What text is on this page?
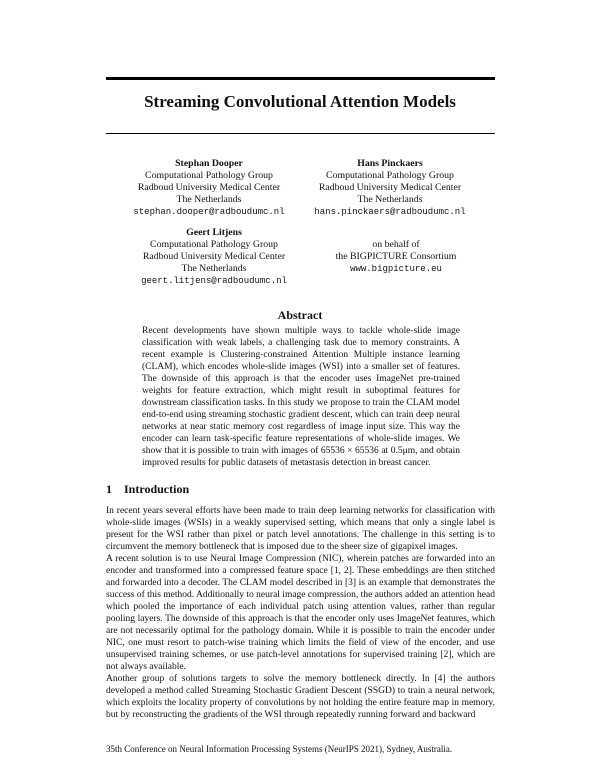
Streaming Convolutional Attention Models
Stephan Dooper
Computational Pathology Group
Radboud University Medical Center
The Netherlands
stephan.dooper@radboudumc.nl
Hans Pinckaers
Computational Pathology Group
Radboud University Medical Center
The Netherlands
hans.pinckaers@radboudumc.nl
Geert Litjens
Computational Pathology Group
Radboud University Medical Center
The Netherlands
geert.litjens@radboudumc.nl
on behalf of
the BIGPICTURE Consortium
www.bigpicture.eu
Abstract
Recent developments have shown multiple ways to tackle whole-slide image classification with weak labels, a challenging task due to memory constraints. A recent example is Clustering-constrained Attention Multiple instance learning (CLAM), which encodes whole-slide images (WSI) into a smaller set of features. The downside of this approach is that the encoder uses ImageNet pre-trained weights for feature extraction, which might result in suboptimal features for downstream classification tasks. In this study we propose to train the CLAM model end-to-end using streaming stochastic gradient descent, which can train deep neural networks at near static memory cost regardless of image input size. This way the encoder can learn task-specific feature representations of whole-slide images. We show that it is possible to train with images of 65536 × 65536 at 0.5μm, and obtain improved results for public datasets of metastasis detection in breast cancer.
1 Introduction

In recent years several efforts have been made to train deep learning networks for classification with whole-slide images (WSIs) in a weakly supervised setting, which means that only a single label is present for the WSI rather than pixel or patch level annotations. The challenge in this setting is to circumvent the memory bottleneck that is imposed due to the sheer size of gigapixel images.

A recent solution is to use Neural Image Compression (NIC), wherein patches are forwarded into an encoder and transformed into a compressed feature space [1, 2]. These embeddings are then stitched and forwarded into a decoder. The CLAM model described in [3] is an example that demonstrates the success of this method. Additionally to neural image compression, the authors added an attention head which pooled the importance of each individual patch using attention values, rather than regular pooling layers. The downside of this approach is that the encoder only uses ImageNet features, which are not necessarily optimal for the pathology domain. While it is possible to train the encoder under NIC, one must resort to patch-wise training which limits the field of view of the encoder, and use unsupervised training schemes, or use patch-level annotations for supervised training [2], which are not always available.

Another group of solutions targets to solve the memory bottleneck directly. In [4] the authors developed a method called Streaming Stochastic Gradient Descent (SSGD) to train a neural network, which exploits the locality property of convolutions by not holding the entire feature map in memory, but by reconstructing the gradients of the WSI through repeatedly running forward and backward

35th Conference on Neural Information Processing Systems (NeurIPS 2021), Sydney, Australia.
